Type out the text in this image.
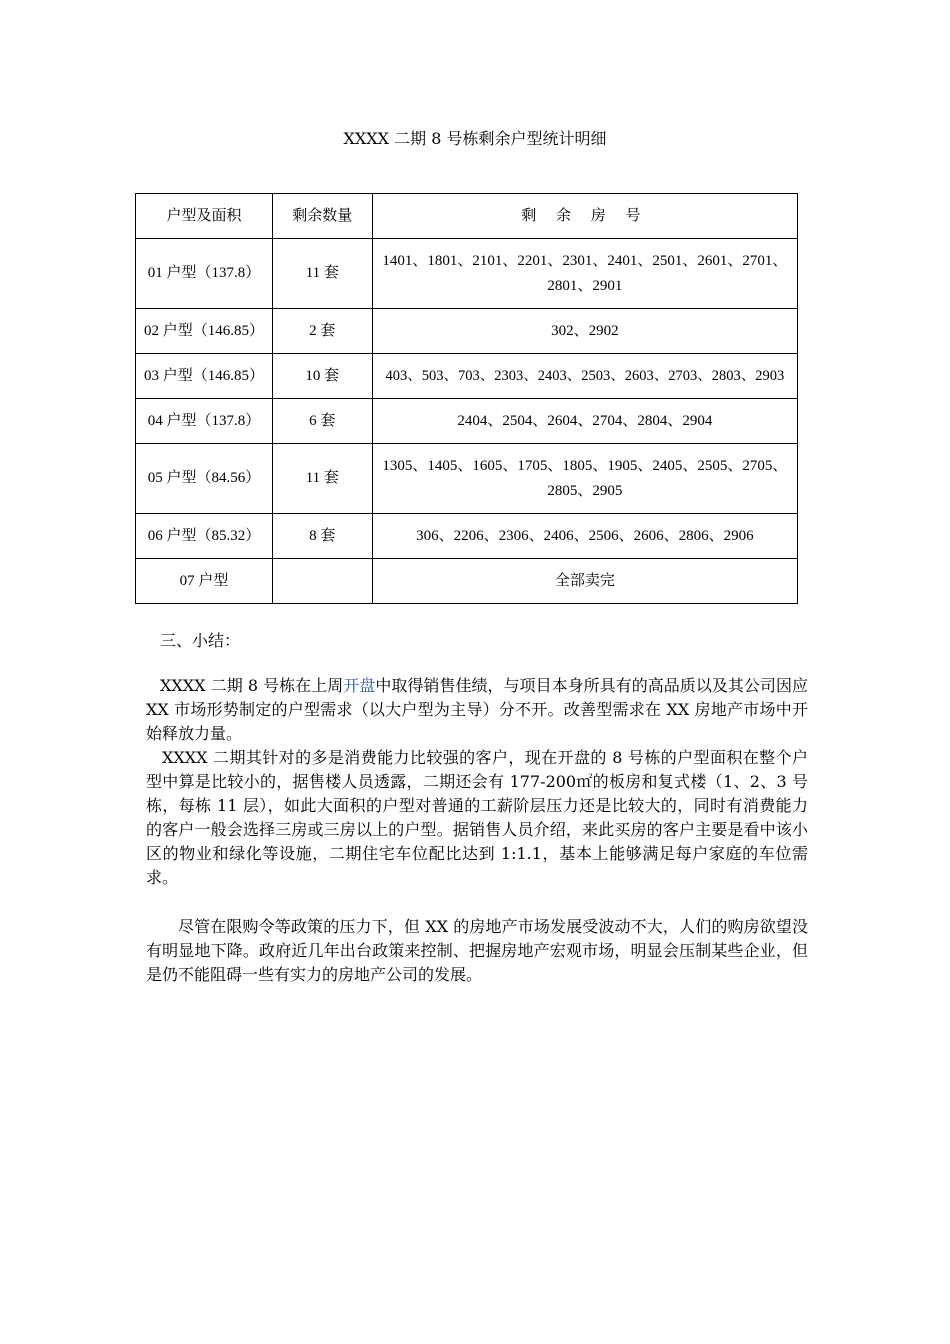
XXXX 二期 8 号栋剩余户型统计明细
户型及面积	剩余数量	剩 余 房 号
01 户型（137.8）	11 套	1401、1801、2101、2201、2301、2401、2501、2601、2701、2801、2901
02 户型（146.85）	2 套	302、2902
03 户型（146.85）	10 套	403、503、703、2303、2403、2503、2603、2703、2803、2903
04 户型（137.8）	6 套	2404、2504、2604、2704、2804、2904
05 户型（84.56）	11 套	1305、1405、1605、1705、1805、1905、2405、2505、2705、2805、2905
06 户型（85.32）	8 套	306、2206、2306、2406、2506、2606、2806、2906
07 户型		全部卖完
三、小结：
XXXX 二期 8 号栋在上周开盘中取得销售佳绩，与项目本身所具有的高品质以及其公司因应 XX 市场形势制定的户型需求（以大户型为主导）分不开。改善型需求在 XX 房地产市场中开始释放力量。
XXXX 二期其针对的多是消费能力比较强的客户，现在开盘的 8 号栋的户型面积在整个户型中算是比较小的，据售楼人员透露，二期还会有 177-200㎡的板房和复式楼（1、2、3 号栋，每栋 11 层），如此大面积的户型对普通的工薪阶层压力还是比较大的，同时有消费能力的客户一般会选择三房或三房以上的户型。据销售人员介绍，来此买房的客户主要是看中该小区的物业和绿化等设施，二期住宅车位配比达到 1:1.1，基本上能够满足每户家庭的车位需求。
尽管在限购令等政策的压力下，但 XX 的房地产市场发展受波动不大，人们的购房欲望没有明显地下降。政府近几年出台政策来控制、把握房地产宏观市场，明显会压制某些企业，但是仍不能阻碍一些有实力的房地产公司的发展。
